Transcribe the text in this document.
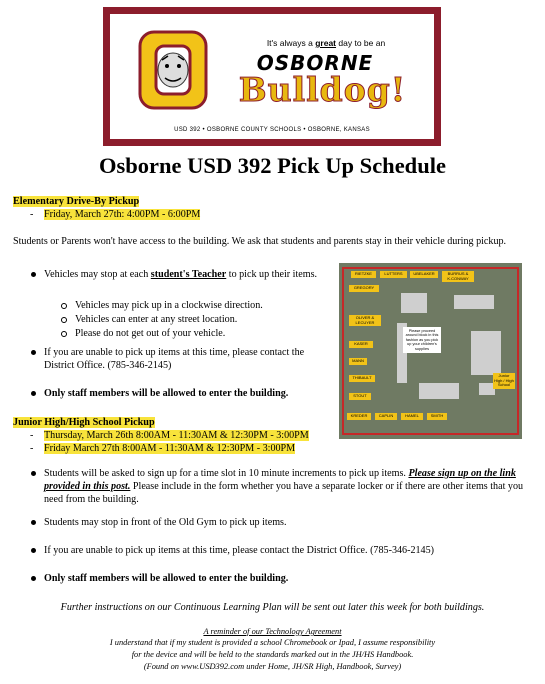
It's always a great day to be an
OSBORNE
Bulldog!
USD 392 • OSBORNE COUNTY SCHOOLS • OSBORNE, KANSAS
Osborne USD 392 Pick Up Schedule
Elementary Drive-By Pickup
- Friday, March 27th: 4:00PM - 6:00PM
Students or Parents won't have access to the building. We ask that students and parents stay in their vehicle during pickup.
Vehicles may stop at each student's Teacher to pick up their items.
Vehicles may pick up in a clockwise direction.
Vehicles can enter at any street location.
Please do not get out of your vehicle.
If you are unable to pick up items at this time, please contact the District Office. (785-346-2145)
Only staff members will be allowed to enter the building.
RIETZKE	LUTTERS	UBELAKER	BURRUS & K.CONWAY
GREGORY
OLIVER & LECUYER
KASER
MANN
THIBAULT
STOUT
KREDER	CAPLIN	HAMEL	SMITH
Junior High / High School
Please proceed around block in this fashion as you pick up your children's supplies
Junior High/High School Pickup
- Thursday, March 26th 8:00AM - 11:30AM & 12:30PM - 3:00PM
- Friday March 27th 8:00AM - 11:30AM & 12:30PM - 3:00PM
Students will be asked to sign up for a time slot in 10 minute increments to pick up items. Please sign up on the link provided in this post. Please include in the form whether you have a separate locker or if there are other items that you need from the building.
Students may stop in front of the Old Gym to pick up items.
If you are unable to pick up items at this time, please contact the District Office. (785-346-2145)
Only staff members will be allowed to enter the building.
Further instructions on our Continuous Learning Plan will be sent out later this week for both buildings.
A reminder of our Technology Agreement
I understand that if my student is provided a school Chromebook or Ipad, I assume responsibility
for the device and will be held to the standards marked out in the JH/HS Handbook.
(Found on www.USD392.com under Home, JH/SR High, Handbook, Survey)
